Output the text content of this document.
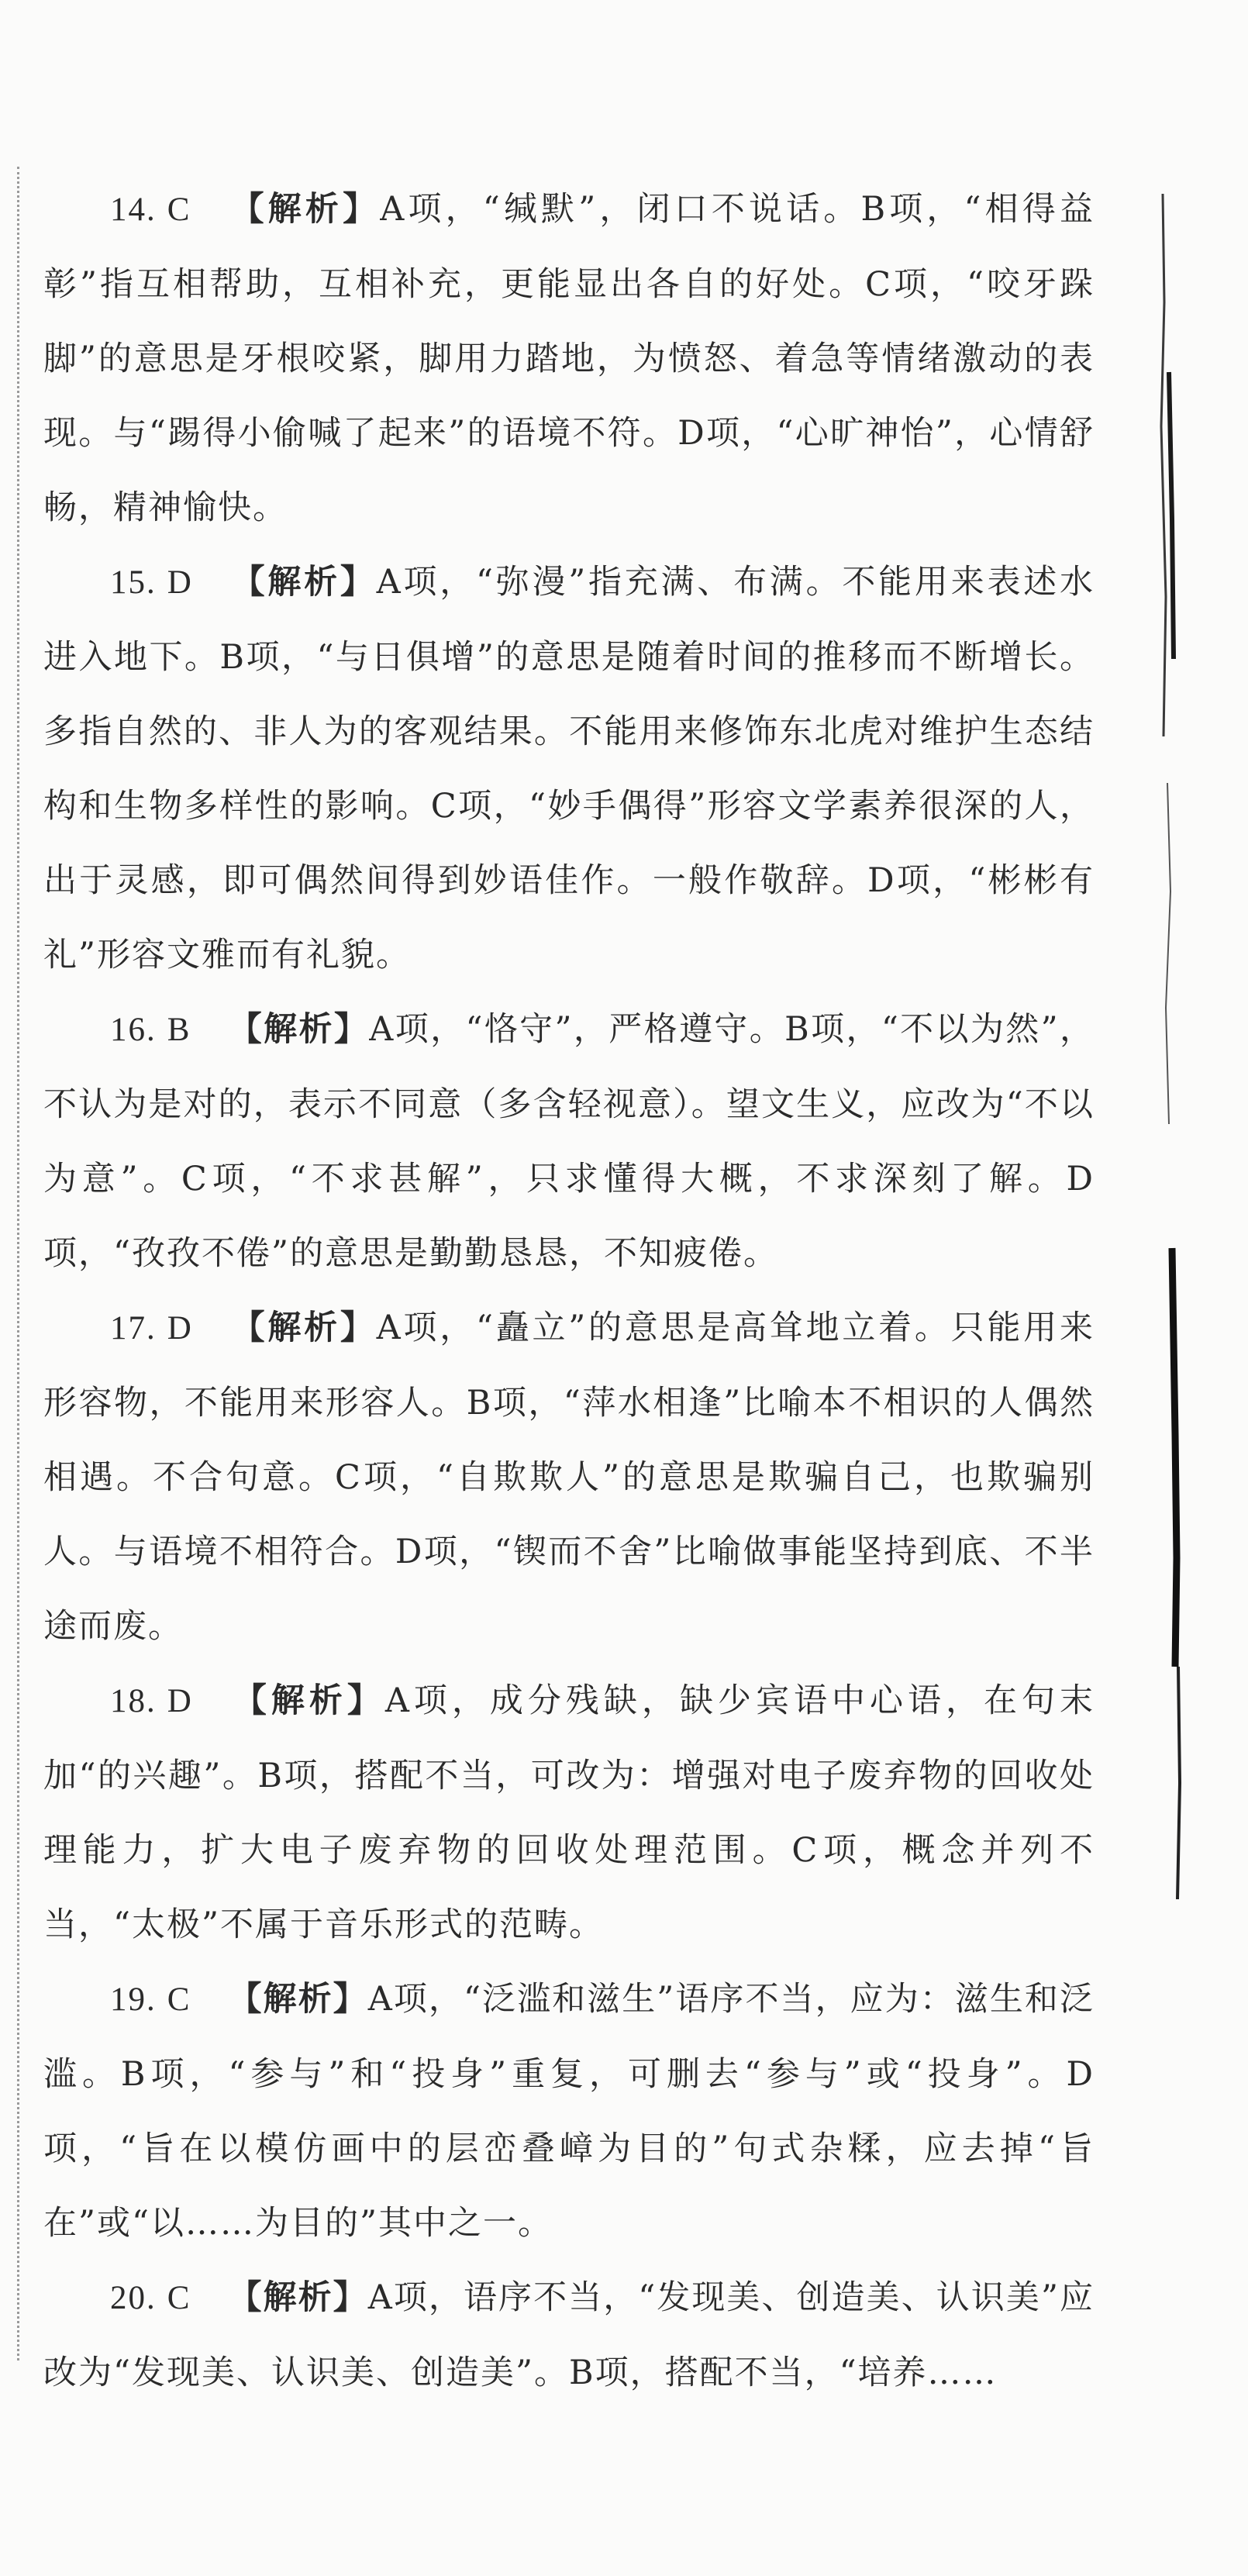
14. C 【解析】A项，“缄默”，闭口不说话。B项，“相得益彰”指互相帮助，互相补充，更能显出各自的好处。C项，“咬牙跺脚”的意思是牙根咬紧，脚用力踏地，为愤怒、着急等情绪激动的表现。与“踢得小偷喊了起来”的语境不符。D项，“心旷神怡”，心情舒畅，精神愉快。

15. D 【解析】A项，“弥漫”指充满、布满。不能用来表述水进入地下。B项，“与日俱增”的意思是随着时间的推移而不断增长。多指自然的、非人为的客观结果。不能用来修饰东北虎对维护生态结构和生物多样性的影响。C项，“妙手偶得”形容文学素养很深的人，出于灵感，即可偶然间得到妙语佳作。一般作敬辞。D项，“彬彬有礼”形容文雅而有礼貌。

16. B 【解析】A项，“恪守”，严格遵守。B项，“不以为然”，不认为是对的，表示不同意（多含轻视意）。望文生义，应改为“不以为意”。C项，“不求甚解”，只求懂得大概，不求深刻了解。D项，“孜孜不倦”的意思是勤勤恳恳，不知疲倦。

17. D 【解析】A项，“矗立”的意思是高耸地立着。只能用来形容物，不能用来形容人。B项，“萍水相逢”比喻本不相识的人偶然相遇。不合句意。C项，“自欺欺人”的意思是欺骗自己，也欺骗别人。与语境不相符合。D项，“锲而不舍”比喻做事能坚持到底、不半途而废。

18. D 【解析】A项，成分残缺，缺少宾语中心语，在句末加“的兴趣”。B项，搭配不当，可改为：增强对电子废弃物的回收处理能力，扩大电子废弃物的回收处理范围。C项，概念并列不当，“太极”不属于音乐形式的范畴。

19. C 【解析】A项，“泛滥和滋生”语序不当，应为：滋生和泛滥。B项，“参与”和“投身”重复，可删去“参与”或“投身”。D项，“旨在以模仿画中的层峦叠嶂为目的”句式杂糅，应去掉“旨在”或“以……为目的”其中之一。

20. C 【解析】A项，语序不当，“发现美、创造美、认识美”应改为“发现美、认识美、创造美”。B项，搭配不当，“培养……
